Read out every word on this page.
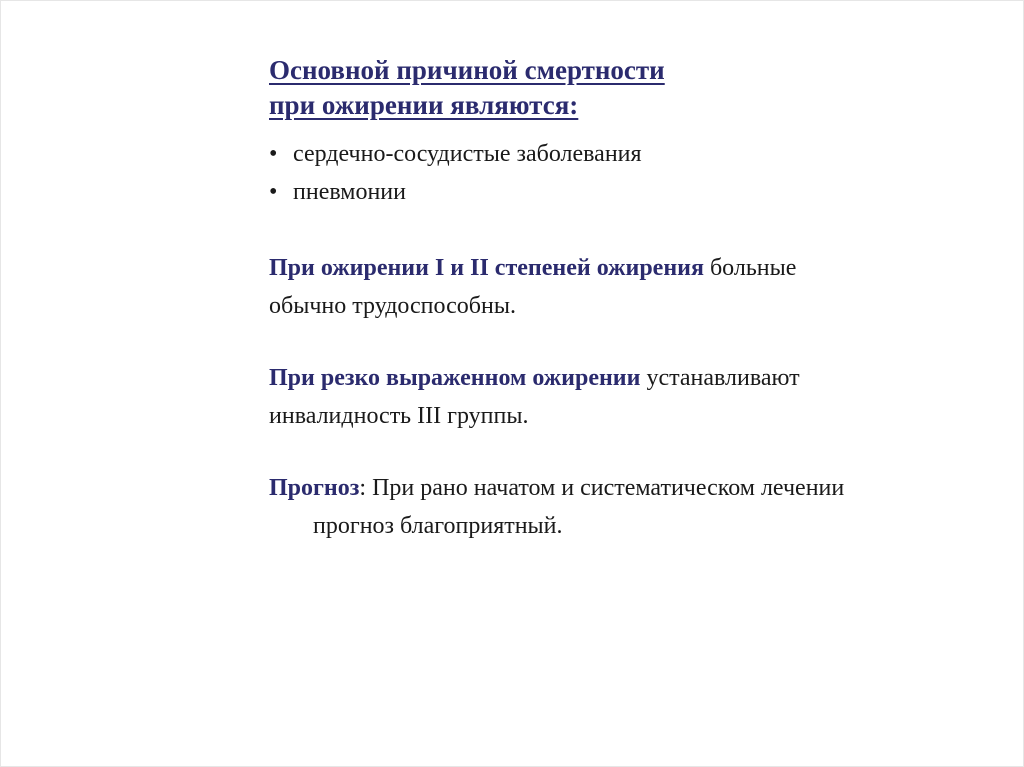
Основной причиной смертности
при ожирении являются:
• сердечно-сосудистые заболевания
• пневмонии

При ожирении I и II степеней ожирения больные
обычно трудоспособны.

При резко выраженном ожирении устанавливают
инвалидность III группы.

Прогноз: При рано начатом и систематическом лечении
прогноз благоприятный.
